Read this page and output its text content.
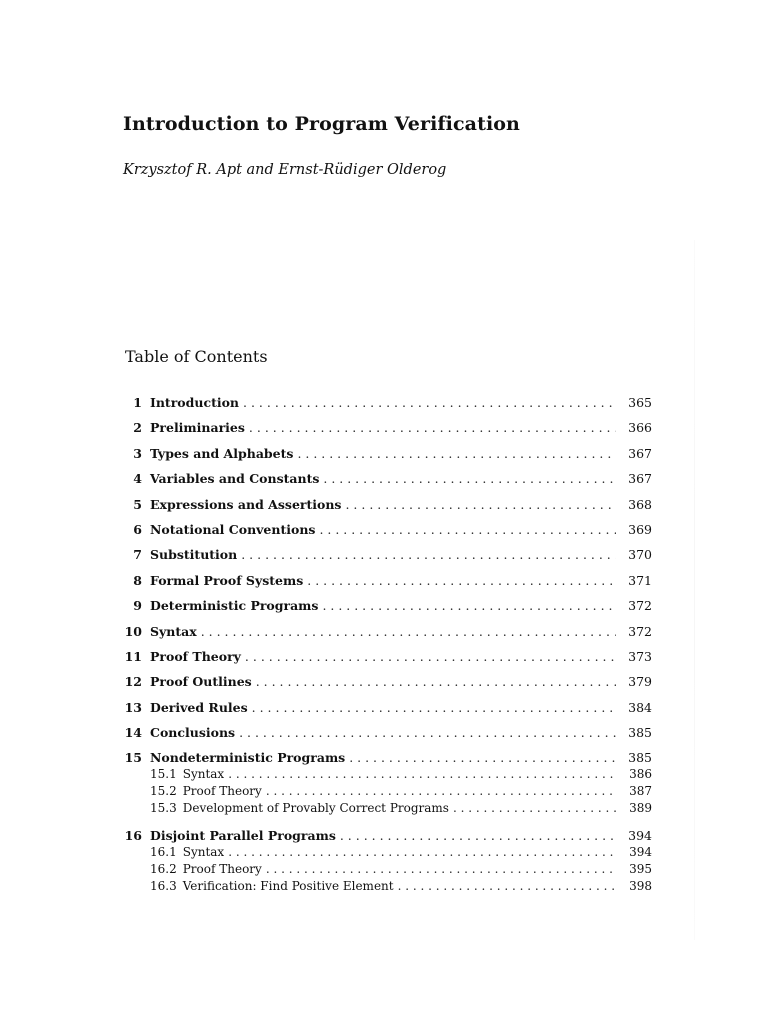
Introduction to Program Verification
Krzysztof R. Apt and Ernst-Rüdiger Olderog
Table of Contents
1 Introduction . . .	365
2 Preliminaries . . .	366
3 Types and Alphabets . . .	367
4 Variables and Constants . . .	367
5 Expressions and Assertions . . .	368
6 Notational Conventions . . .	369
7 Substitution . . .	370
8 Formal Proof Systems . . .	371
9 Deterministic Programs . . .	372
10 Syntax . . .	372
11 Proof Theory . . .	373
12 Proof Outlines . . .	379
13 Derived Rules . . .	384
14 Conclusions . . .	385
15 Nondeterministic Programs . . .	385
15.1 Syntax . . .	386
15.2 Proof Theory . . .	387
15.3 Development of Provably Correct Programs . . .	389
16 Disjoint Parallel Programs . . .	394
16.1 Syntax . . .	394
16.2 Proof Theory . . .	395
16.3 Verification: Find Positive Element . . .	398
